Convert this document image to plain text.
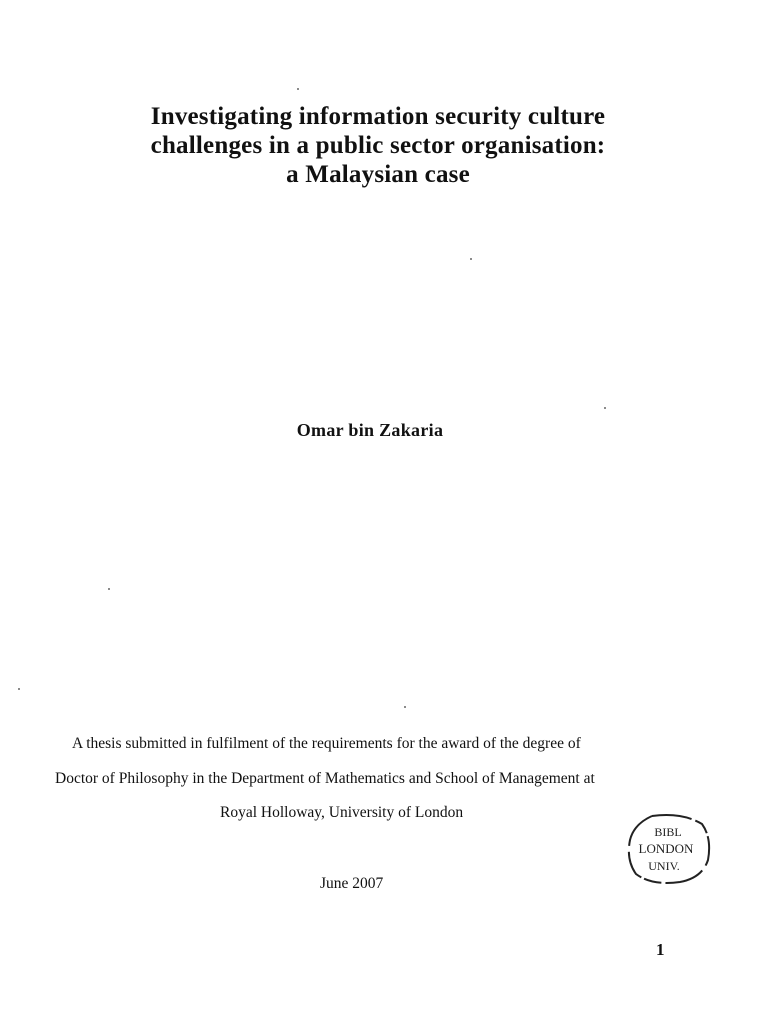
Investigating information security culture
challenges in a public sector organisation:
a Malaysian case
Omar bin Zakaria
A thesis submitted in fulfilment of the requirements for the award of the degree of
Doctor of Philosophy in the Department of Mathematics and School of Management at
Royal Holloway, University of London
BIBL
LONDON
UNIV.
June 2007
1
